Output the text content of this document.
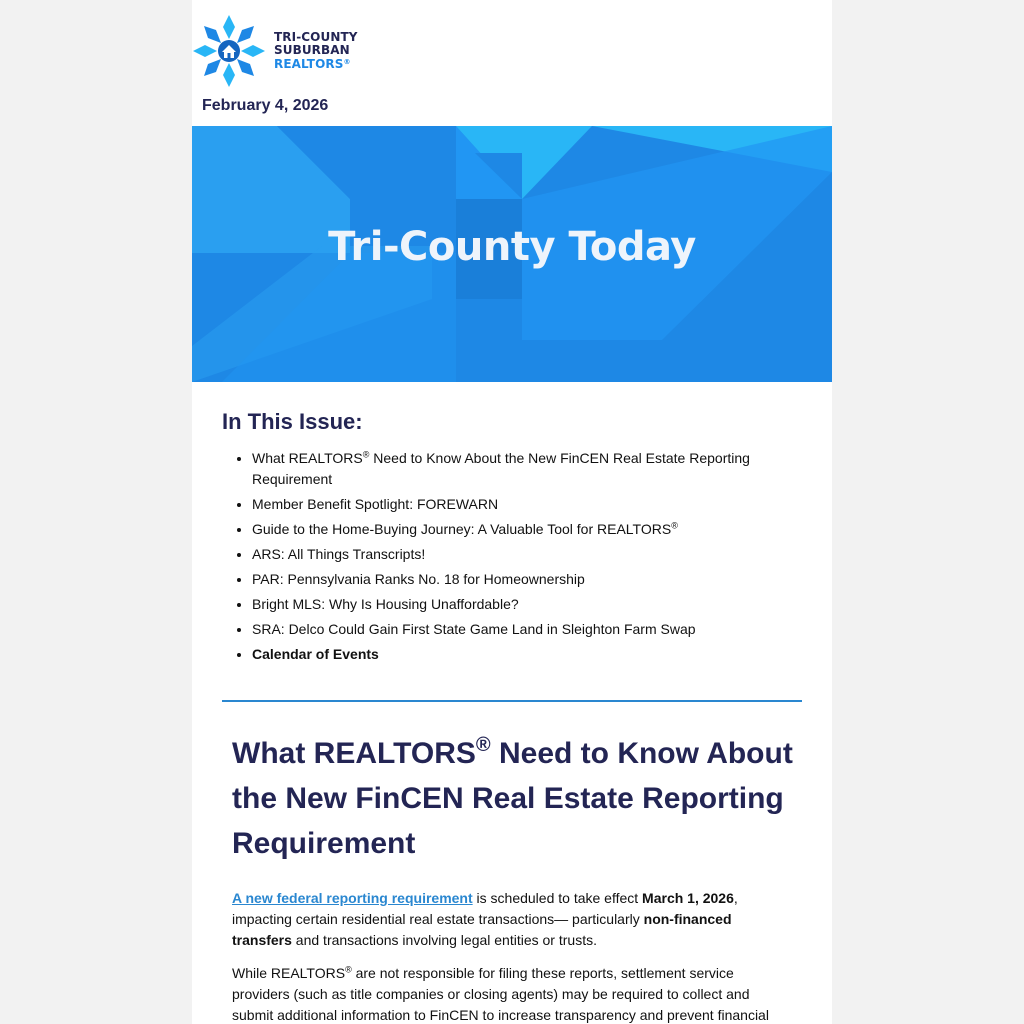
TRI-COUNTY
SUBURBAN
REALTORS®
February 4, 2026
Tri-County Today
In This Issue:
• What REALTORS® Need to Know About the New FinCEN Real Estate Reporting Requirement
• Member Benefit Spotlight: FOREWARN
• Guide to the Home-Buying Journey: A Valuable Tool for REALTORS®
• ARS: All Things Transcripts!
• PAR: Pennsylvania Ranks No. 18 for Homeownership
• Bright MLS: Why Is Housing Unaffordable?
• SRA: Delco Could Gain First State Game Land in Sleighton Farm Swap
• Calendar of Events
What REALTORS® Need to Know About the New FinCEN Real Estate Reporting Requirement

A new federal reporting requirement is scheduled to take effect March 1, 2026, impacting certain residential real estate transactions— particularly non-financed transfers and transactions involving legal entities or trusts.

While REALTORS® are not responsible for filing these reports, settlement service providers (such as title companies or closing agents) may be required to collect and submit additional information to FinCEN to increase transparency and prevent financial
